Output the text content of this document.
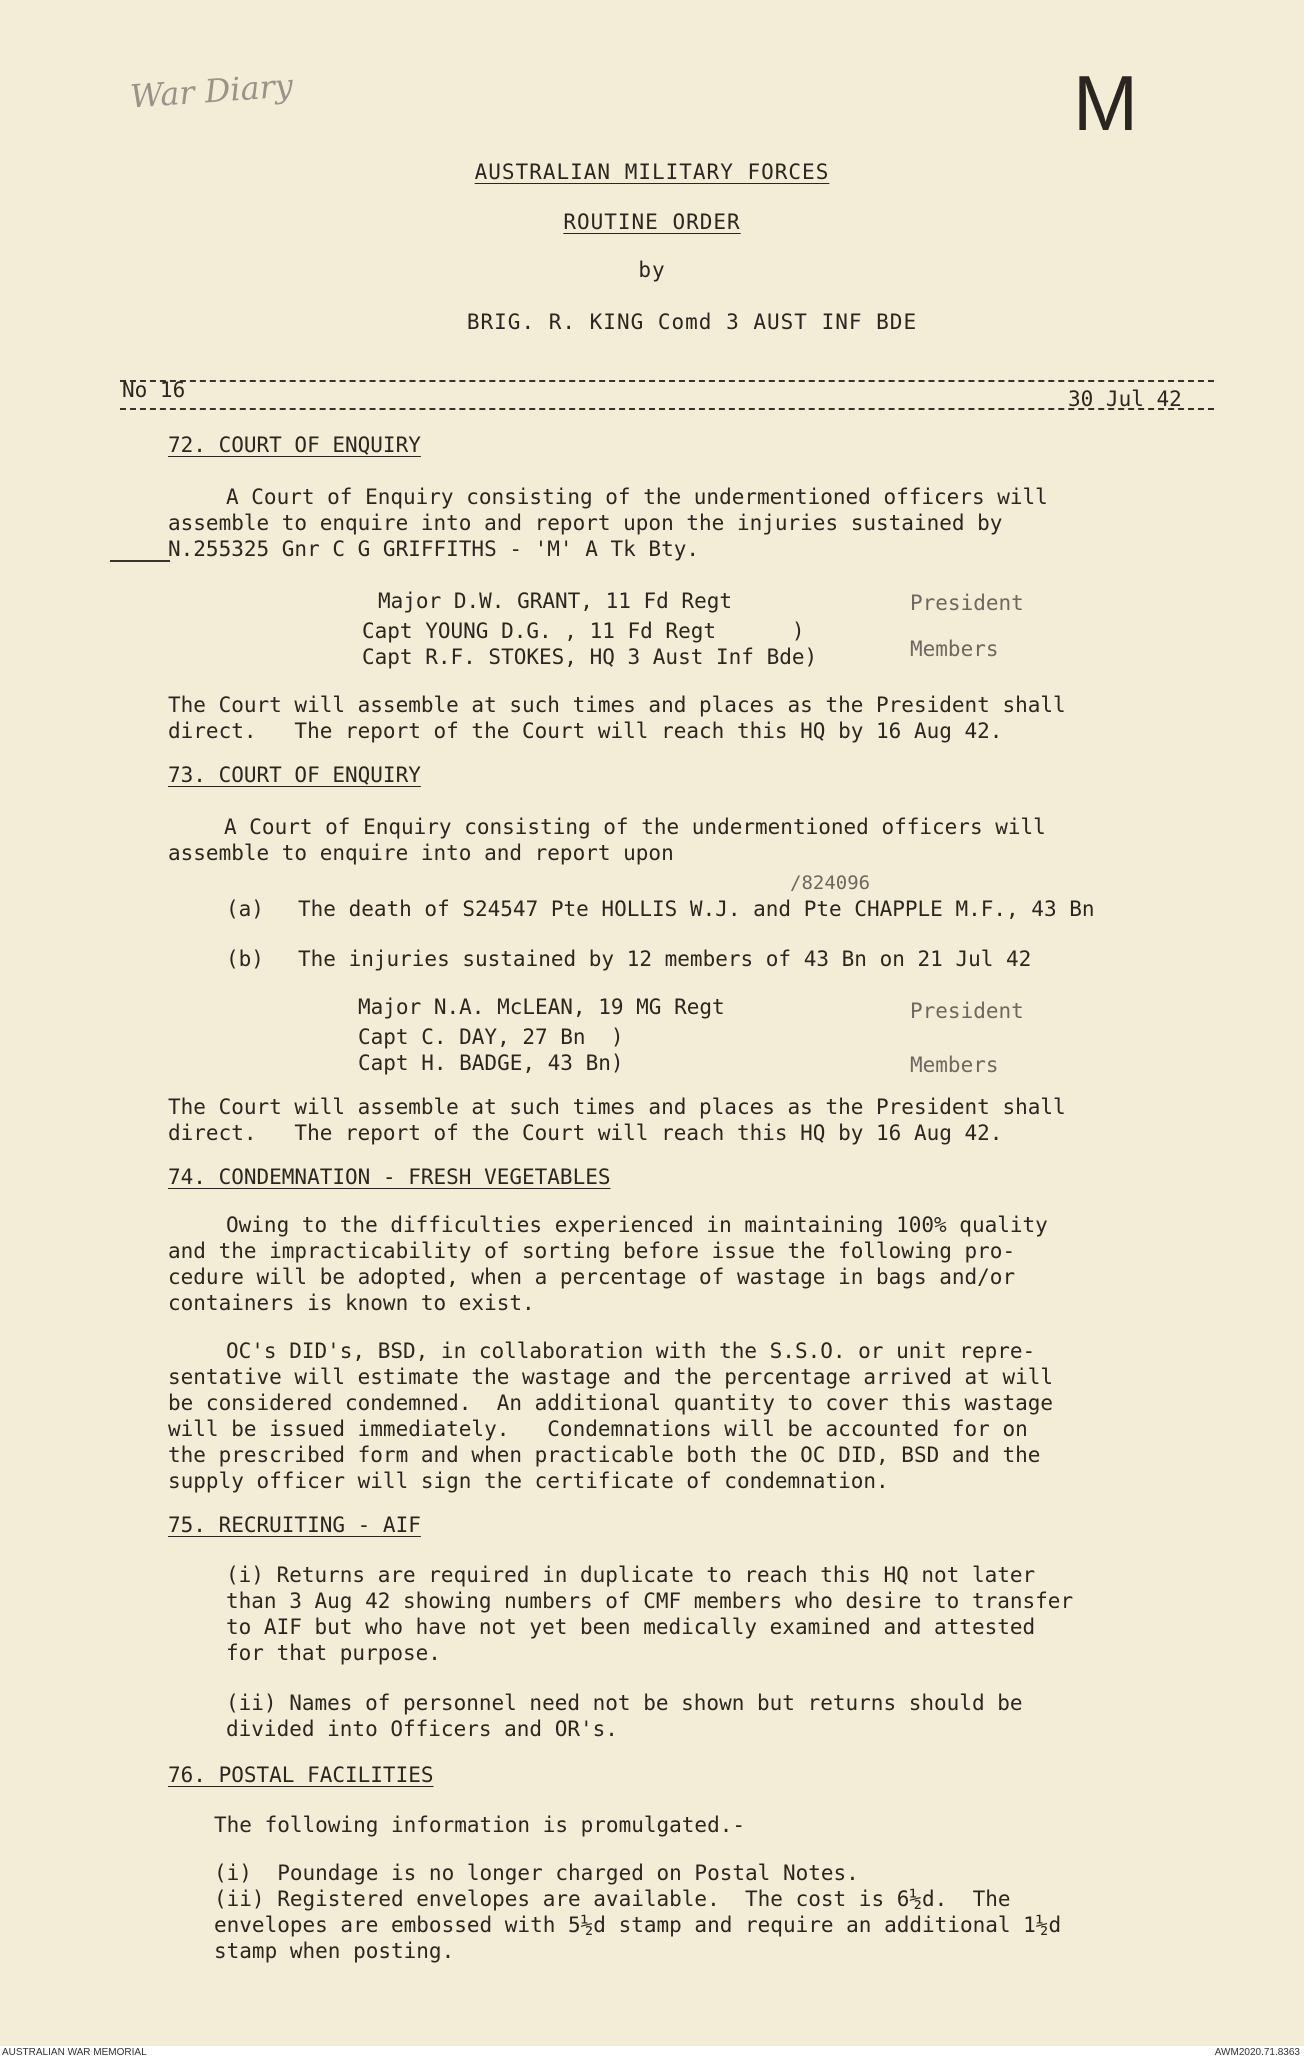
War Diary	M
AUSTRALIAN MILITARY FORCES
ROUTINE ORDER
by
BRIG. R. KING Comd 3 AUST INF BDE
No 16	30 Jul 42
72. COURT OF ENQUIRY
A Court of Enquiry consisting of the undermentioned officers will
assemble to enquire into and report upon the injuries sustained by
N.255325 Gnr C G GRIFFITHS - 'M' A Tk Bty.
Major D.W. GRANT, 11 Fd Regt	President
Capt YOUNG D.G. , 11 Fd Regt      )
Capt R.F. STOKES, HQ 3 Aust Inf Bde)	Members
The Court will assemble at such times and places as the President shall
direct.   The report of the Court will reach this HQ by 16 Aug 42.
73. COURT OF ENQUIRY
A Court of Enquiry consisting of the undermentioned officers will
assemble to enquire into and report upon
/824096
(a) The death of S24547 Pte HOLLIS W.J. and Pte CHAPPLE M.F., 43 Bn
(b) The injuries sustained by 12 members of 43 Bn on 21 Jul 42
Major N.A. McLEAN, 19 MG Regt	President
Capt C. DAY, 27 Bn  )
Capt H. BADGE, 43 Bn)	Members
The Court will assemble at such times and places as the President shall
direct.   The report of the Court will reach this HQ by 16 Aug 42.
74. CONDEMNATION - FRESH VEGETABLES
Owing to the difficulties experienced in maintaining 100% quality
and the impracticability of sorting before issue the following pro-
cedure will be adopted, when a percentage of wastage in bags and/or
containers is known to exist.
OC's DID's, BSD, in collaboration with the S.S.O. or unit repre-
sentative will estimate the wastage and the percentage arrived at will
be considered condemned.  An additional quantity to cover this wastage
will be issued immediately.   Condemnations will be accounted for on
the prescribed form and when practicable both the OC DID, BSD and the
supply officer will sign the certificate of condemnation.
75. RECRUITING - AIF
(i) Returns are required in duplicate to reach this HQ not later
than 3 Aug 42 showing numbers of CMF members who desire to transfer
to AIF but who have not yet been medically examined and attested
for that purpose.
(ii) Names of personnel need not be shown but returns should be
divided into Officers and OR's.
76. POSTAL FACILITIES
The following information is promulgated.-
(i)  Poundage is no longer charged on Postal Notes.
(ii) Registered envelopes are available.  The cost is 6½d.  The
envelopes are embossed with 5½d stamp and require an additional 1½d
stamp when posting.
AUSTRALIAN WAR MEMORIAL	AWM2020.71.8363
